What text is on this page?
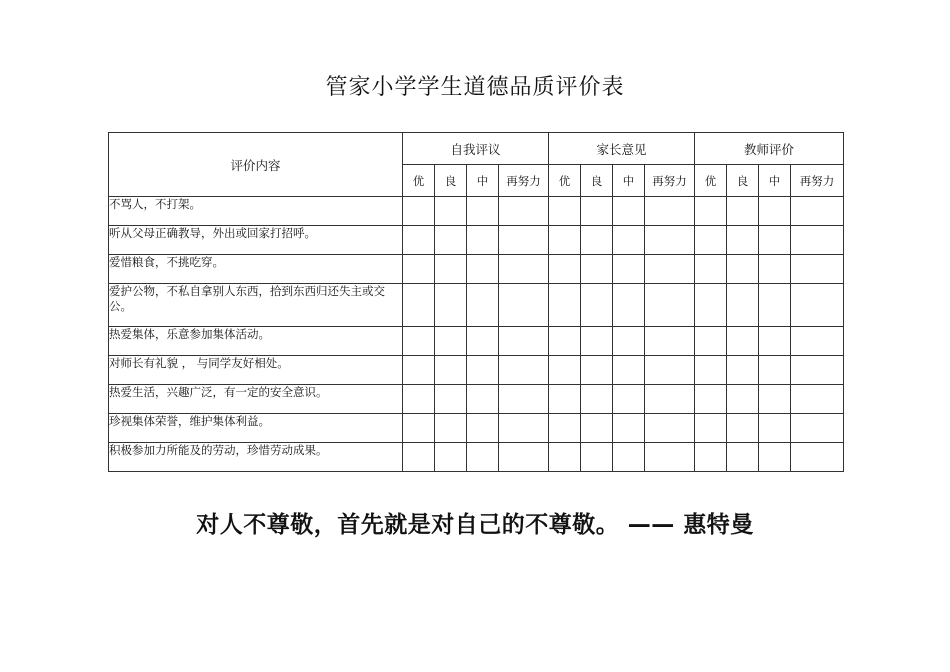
管家小学学生道德品质评价表
评价内容	自我评议				家长意见				教师评价			
	优	良	中	再努力	优	良	中	再努力	优	良	中	再努力
不骂人，不打架。												
听从父母正确教导，外出或回家打招呼。												
爱惜粮食，不挑吃穿。												
爱护公物，不私自拿别人东西，拾到东西归还失主或交公。												
热爱集体，乐意参加集体活动。												
对师长有礼貌 ， 与同学友好相处。												
热爱生活，兴趣广泛，有一定的安全意识。												
珍视集体荣誉，维护集体利益。												
积极参加力所能及的劳动，珍惜劳动成果。												
对人不尊敬，首先就是对自己的不尊敬。 —— 惠特曼
